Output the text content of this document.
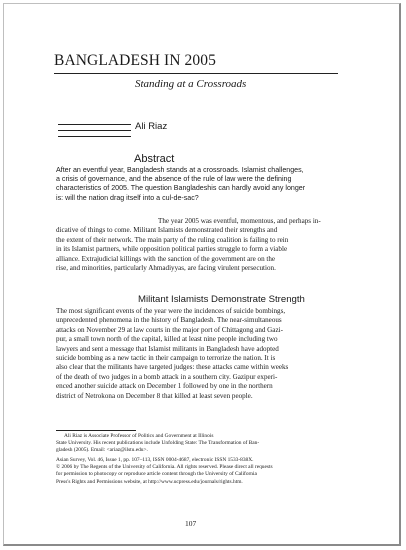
BANGLADESH IN 2005
Standing at a Crossroads
Ali Riaz
Abstract
After an eventful year, Bangladesh stands at a crossroads. Islamist challenges,
a crisis of governance, and the absence of the rule of law were the defining
characteristics of 2005. The question Bangladeshis can hardly avoid any longer
is: will the nation drag itself into a cul-de-sac?
The year 2005 was eventful, momentous, and perhaps in-
dicative of things to come. Militant Islamists demonstrated their strengths and
the extent of their network. The main party of the ruling coalition is failing to rein
in its Islamist partners, while opposition political parties struggle to form a viable
alliance. Extrajudicial killings with the sanction of the government are on the
rise, and minorities, particularly Ahmadiyyas, are facing virulent persecution.
Militant Islamists Demonstrate Strength
The most significant events of the year were the incidences of suicide bombings,
unprecedented phenomena in the history of Bangladesh. The near-simultaneous
attacks on November 29 at law courts in the major port of Chittagong and Gazi-
pur, a small town north of the capital, killed at least nine people including two
lawyers and sent a message that Islamist militants in Bangladesh have adopted
suicide bombing as a new tactic in their campaign to terrorize the nation. It is
also clear that the militants have targeted judges: these attacks came within weeks
of the death of two judges in a bomb attack in a southern city. Gazipur experi-
enced another suicide attack on December 1 followed by one in the northern
district of Netrokona on December 8 that killed at least seven people.
Ali Riaz is Associate Professor of Politics and Government at Illinois
State University. His recent publications include Unfolding State: The Transformation of Ban-
gladesh (2005). Email: <ariaz@ilstu.edu>.
Asian Survey, Vol. 46, Issue 1, pp. 107–113, ISSN 0004-4687, electronic ISSN 1533-838X.
© 2006 by The Regents of the University of California. All rights reserved. Please direct all requests
for permission to photocopy or reproduce article content through the University of California
Press's Rights and Permissions website, at http://www.ucpress.edu/journals/rights.htm.
107
